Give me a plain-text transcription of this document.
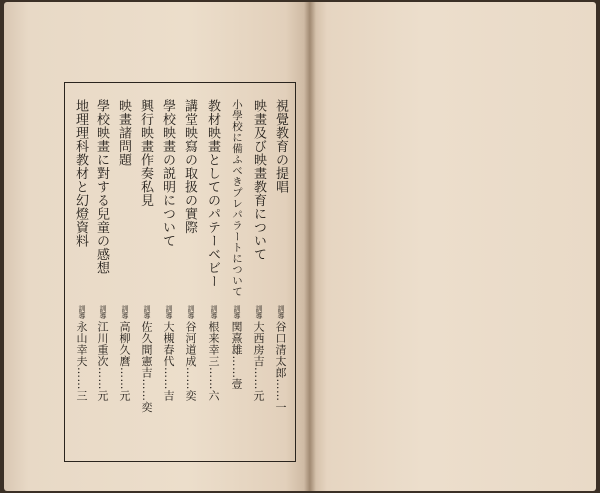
視覺教育の提唱
訓導
谷口清太郎……一
映畫及び映畫教育について
訓導
大西房吉……元
小學校に備ふべきプレパラートについて
訓導
関熹雄……壹
教材映畫としてのパテーベビー
訓導
根来幸三……六
講堂映寫の取扱の實際
訓導
谷河道成……奕
學校映畫の説明について
訓導
大槻春代……吉
興行映畫作奏私見
訓導
佐久間憲吉……奕
映畫諸問題
訓導
高柳久麿……元
學校映畫に對する兒童の感想
訓導
江川重次……元
地理理科教材と幻燈資料
訓導
永山幸夫……三
